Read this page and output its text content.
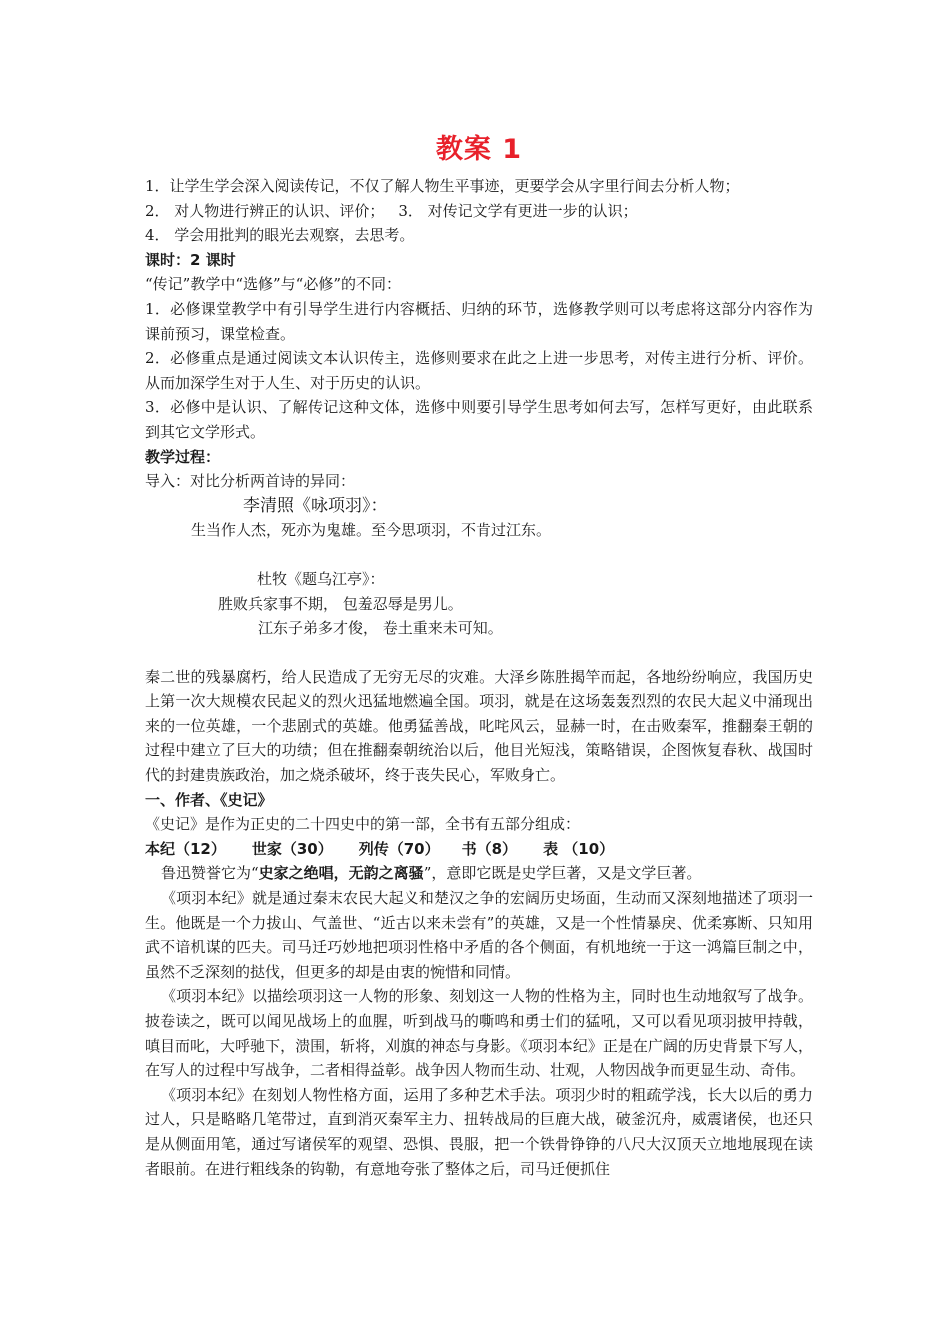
教案 1

1．让学生学会深入阅读传记，不仅了解人物生平事迹，更要学会从字里行间去分析人物；

2． 对人物进行辨正的认识、评价； 3． 对传记文学有更进一步的认识；

4． 学会用批判的眼光去观察，去思考。

课时：2 课时

“传记”教学中“选修”与“必修”的不同：

1．必修课堂教学中有引导学生进行内容概括、归纳的环节，选修教学则可以考虑将这部分内容作为课前预习，课堂检查。

2．必修重点是通过阅读文本认识传主，选修则要求在此之上进一步思考，对传主进行分析、评价。从而加深学生对于人生、对于历史的认识。

3．必修中是认识、了解传记这种文体，选修中则要引导学生思考如何去写，怎样写更好，由此联系到其它文学形式。

教学过程：

导入：对比分析两首诗的异同：

李清照《咏项羽》：

生当作人杰，死亦为鬼雄。至今思项羽，不肯过江东。

杜牧《题乌江亭》：

胜败兵家事不期， 包羞忍辱是男儿。

江东子弟多才俊， 卷土重来未可知。

秦二世的残暴腐朽，给人民造成了无穷无尽的灾难。大泽乡陈胜揭竿而起，各地纷纷响应，我国历史上第一次大规模农民起义的烈火迅猛地燃遍全国。项羽，就是在这场轰轰烈烈的农民大起义中涌现出来的一位英雄，一个悲剧式的英雄。他勇猛善战，叱咤风云，显赫一时，在击败秦军，推翻秦王朝的过程中建立了巨大的功绩；但在推翻秦朝统治以后，他目光短浅，策略错误，企图恢复春秋、战国时代的封建贵族政治，加之烧杀破坏，终于丧失民心，军败身亡。

一、作者、《史记》

《史记》是作为正史的二十四史中的第一部，全书有五部分组成：

本纪（12） 世家（30） 列传（70） 书（8） 表 （10）

鲁迅赞誉它为“史家之绝唱，无韵之离骚”，意即它既是史学巨著，又是文学巨著。

《项羽本纪》就是通过秦末农民大起义和楚汉之争的宏阔历史场面，生动而又深刻地描述了项羽一生。他既是一个力拔山、气盖世、“近古以来未尝有”的英雄，又是一个性情暴戾、优柔寡断、只知用武不谙机谋的匹夫。司马迁巧妙地把项羽性格中矛盾的各个侧面，有机地统一于这一鸿篇巨制之中，虽然不乏深刻的挞伐，但更多的却是由衷的惋惜和同情。

《项羽本纪》以描绘项羽这一人物的形象、刻划这一人物的性格为主，同时也生动地叙写了战争。披卷读之，既可以闻见战场上的血腥，听到战马的嘶鸣和勇士们的猛吼，又可以看见项羽披甲持戟，嗔目而叱，大呼驰下，溃围，斩将，刈旗的神态与身影。《项羽本纪》正是在广阔的历史背景下写人，在写人的过程中写战争，二者相得益彰。战争因人物而生动、壮观，人物因战争而更显生动、奇伟。

《项羽本纪》在刻划人物性格方面，运用了多种艺术手法。项羽少时的粗疏学浅，长大以后的勇力过人，只是略略几笔带过，直到消灭秦军主力、扭转战局的巨鹿大战，破釜沉舟，威震诸侯，也还只是从侧面用笔，通过写诸侯军的观望、恐惧、畏服，把一个铁骨铮铮的八尺大汉顶天立地地展现在读者眼前。在进行粗线条的钩勒，有意地夸张了整体之后，司马迁便抓住
